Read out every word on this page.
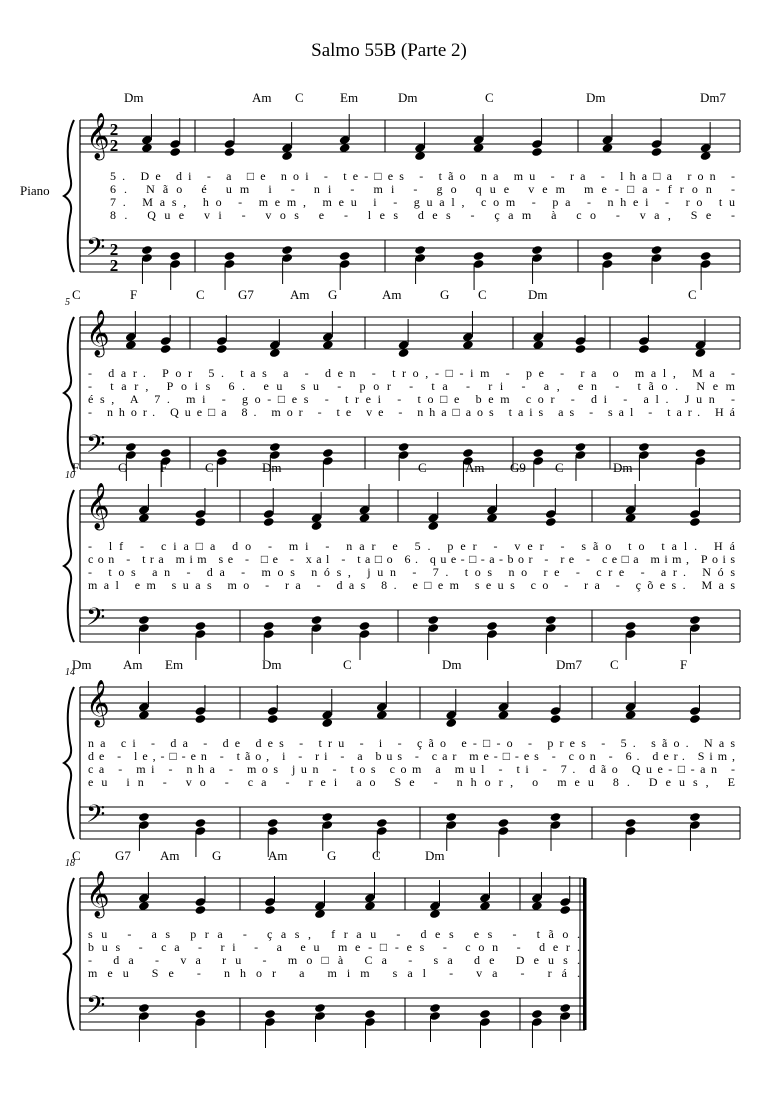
Salmo 55B (Parte 2)
𝄞
𝄢
2
2
2
2
Piano
Dm	Am C	Em	Dm	C	Dm	Dm7
5. De di - a □e noi - te-□es - tão na mu - ra - lha□a ron -
6. Não é um i - ni - mi - go que vem me-□a-fron -
7. Mas, ho - mem, meu i - gual, com - pa - nhei - ro tu
8. Que vi - vos e - les des - çam à co - va, Se -
𝄞
𝄢
5
C	F	C	G7	Am G	Am	G C	Dm	C
- dar. Por 5. tas a - den - tro,-□-im - pe - ra o mal, Ma -
- tar, Pois 6. eu su - por - ta - ri - a, en - tão. Nem
és, A 7. mi - go-□es - trei - to□e bem cor - di - al. Jun -
- nhor. Que□a 8. mor - te ve - nha□aos tais as - sal - tar. Há
𝄞
𝄢
10
F	C	F	C	Dm	C	Am G9 C	Dm
- lf - cia□a do - mi - nar e 5. per - ver - são to tal. Há
con - tra mim se - □e - xal - ta□o 6. que-□-a-bor - re - ce□a mim, Pois
- tos an - da - mos nós, jun - 7. tos no re - cre - ar. Nós
mal em suas mo - ra - das 8. e□em seus co - ra - ções. Mas
𝄞
𝄢
14
Dm Am Em	Dm	C	Dm	Dm7 C	F
na ci - da - de des - tru - i - ção e-□-o - pres - 5. são. Nas
de - le,-□-en - tão, i - ri - a bus - car me-□-es - con - 6. der. Sim,
ca - mi - nha - mos jun - tos com a mul - ti - 7. dão Que-□-an -
eu in - vo - ca - rei ao Se - nhor, o meu 8. Deus, E
𝄞
𝄢
18
C	G7 Am	G	Am	G	C	Dm
su - as pra - ças, frau - des es - tão.
bus - ca - ri - a eu me-□-es - con - der.
- da - va ru - mo□à Ca - sa de Deus.
meu Se - nhor a mim sal - va - rá.
